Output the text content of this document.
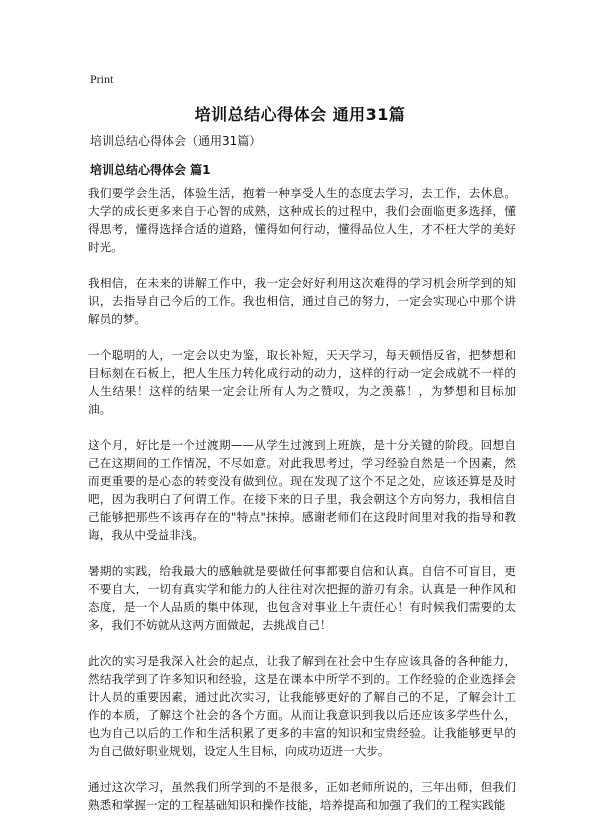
Print
培训总结心得体会 通用31篇
培训总结心得体会（通用31篇）
培训总结心得体会 篇1

我们要学会生活，体验生活，抱着一种享受人生的态度去学习，去工作，去休息。大学的成长更多来自于心智的成熟，这种成长的过程中，我们会面临更多选择，懂得思考，懂得选择合适的道路，懂得如何行动，懂得品位人生，才不枉大学的美好时光。

我相信，在未来的讲解工作中，我一定会好好利用这次难得的学习机会所学到的知识，去指导自己今后的工作。我也相信，通过自己的努力，一定会实现心中那个讲解员的梦。

一个聪明的人，一定会以史为鉴，取长补短，天天学习，每天顿悟反省，把梦想和目标刻在石板上，把人生压力转化成行动的动力，这样的行动一定会成就不一样的人生结果！这样的结果一定会让所有人为之赞叹，为之羡慕！，为梦想和目标加油。

这个月，好比是一个过渡期——从学生过渡到上班族，是十分关键的阶段。回想自己在这期间的工作情况，不尽如意。对此我思考过，学习经验自然是一个因素，然而更重要的是心态的转变没有做到位。现在发现了这个不足之处，应该还算是及时吧，因为我明白了何谓工作。在接下来的日子里，我会朝这个方向努力，我相信自己能够把那些不该再存在的"特点"抹掉。感谢老师们在这段时间里对我的指导和教诲，我从中受益非浅。

暑期的实践，给我最大的感触就是要做任何事都要自信和认真。自信不可盲目，更不要自大，一切有真实学和能力的人往往对次把握的游刃有余。认真是一种作风和态度，是一个人品质的集中体现，也包含对事业上午责任心！有时候我们需要的太多，我们不妨就从这两方面做起，去挑战自己！

此次的实习是我深入社会的起点，让我了解到在社会中生存应该具备的各种能力，然结我学到了许多知识和经验，这是在课本中所学不到的。工作经验的企业选择会计人员的重要因素，通过此次实习，让我能够更好的了解自己的不足，了解会计工作的本质，了解这个社会的各个方面。从而让我意识到我以后还应该多学些什么，也为自己以后的工作和生活积累了更多的丰富的知识和宝贵经验。让我能够更早的为自己做好职业规划，设定人生目标，向成功迈进一大步。

通过这次学习，虽然我们所学到的不是很多，正如老师所说的，三年出师，但我们熟悉和掌握一定的工程基础知识和操作技能，培养提高和加强了我们的工程实践能
